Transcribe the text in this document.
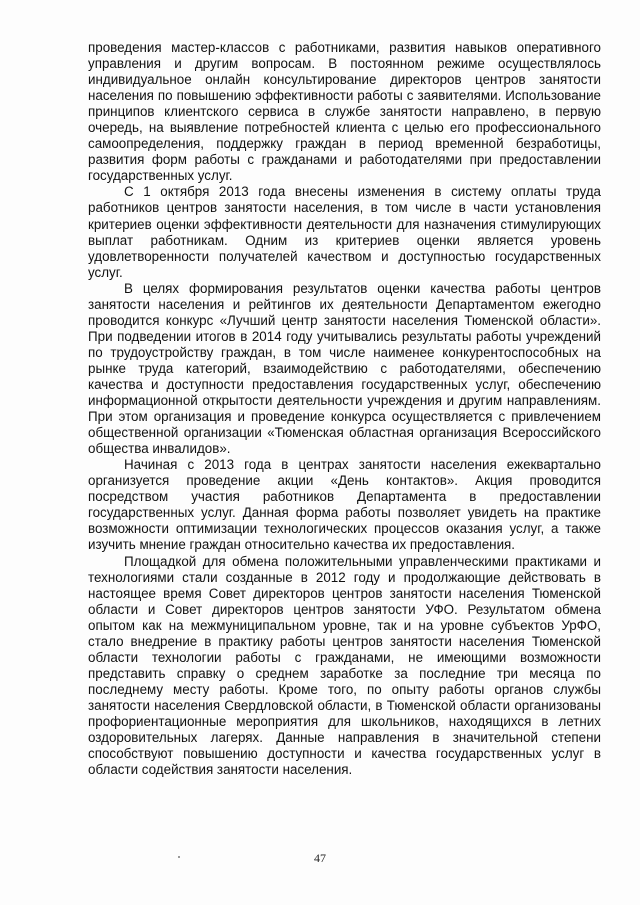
проведения мастер-классов с работниками, развития навыков оперативного управления и другим вопросам. В постоянном режиме осуществлялось индивидуальное онлайн консультирование директоров центров занятости населения по повышению эффективности работы с заявителями. Использование принципов клиентского сервиса в службе занятости направлено, в первую очередь, на выявление потребностей клиента с целью его профессионального самоопределения, поддержку граждан в период временной безработицы, развития форм работы с гражданами и работодателями при предоставлении государственных услуг.

С 1 октября 2013 года внесены изменения в систему оплаты труда работников центров занятости населения, в том числе в части установления критериев оценки эффективности деятельности для назначения стимулирующих выплат работникам. Одним из критериев оценки является уровень удовлетворенности получателей качеством и доступностью государственных услуг.

В целях формирования результатов оценки качества работы центров занятости населения и рейтингов их деятельности Департаментом ежегодно проводится конкурс «Лучший центр занятости населения Тюменской области». При подведении итогов в 2014 году учитывались результаты работы учреждений по трудоустройству граждан, в том числе наименее конкурентоспособных на рынке труда категорий, взаимодействию с работодателями, обеспечению качества и доступности предоставления государственных услуг, обеспечению информационной открытости деятельности учреждения и другим направлениям. При этом организация и проведение конкурса осуществляется с привлечением общественной организации «Тюменская областная организация Всероссийского общества инвалидов».

Начиная с 2013 года в центрах занятости населения ежеквартально организуется проведение акции «День контактов». Акция проводится посредством участия работников Департамента в предоставлении государственных услуг. Данная форма работы позволяет увидеть на практике возможности оптимизации технологических процессов оказания услуг, а также изучить мнение граждан относительно качества их предоставления.

Площадкой для обмена положительными управленческими практиками и технологиями стали созданные в 2012 году и продолжающие действовать в настоящее время Совет директоров центров занятости населения Тюменской области и Совет директоров центров занятости УФО. Результатом обмена опытом как на межмуниципальном уровне, так и на уровне субъектов УрФО, стало внедрение в практику работы центров занятости населения Тюменской области технологии работы с гражданами, не имеющими возможности представить справку о среднем заработке за последние три месяца по последнему месту работы. Кроме того, по опыту работы органов службы занятости населения Свердловской области, в Тюменской области организованы профориентационные мероприятия для школьников, находящихся в летних оздоровительных лагерях. Данные направления в значительной степени способствуют повышению доступности и качества государственных услуг в области содействия занятости населения.

47
